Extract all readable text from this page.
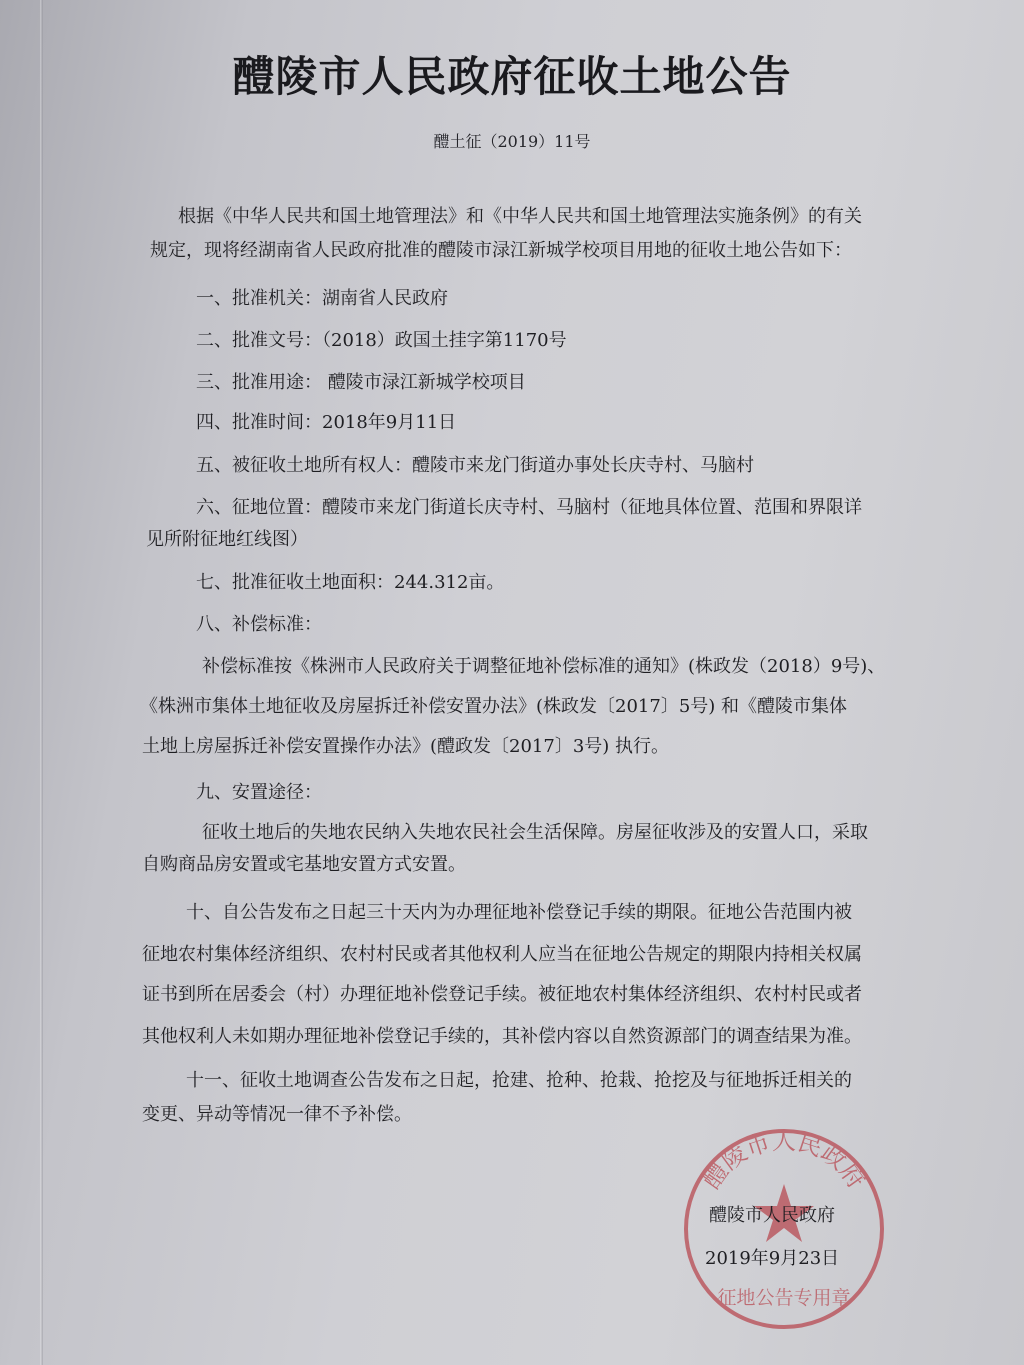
醴陵市人民政府征收土地公告
醴土征（2019）11号
根据《中华人民共和国土地管理法》和《中华人民共和国土地管理法实施条例》的有关
规定，现将经湖南省人民政府批准的醴陵市渌江新城学校项目用地的征收土地公告如下：
一、批准机关：湖南省人民政府
二、批准文号：（2018）政国土挂字第1170号
三、批准用途： 醴陵市渌江新城学校项目
四、批准时间：2018年9月11日
五、被征收土地所有权人：醴陵市来龙门街道办事处长庆寺村、马脑村
六、征地位置：醴陵市来龙门街道长庆寺村、马脑村（征地具体位置、范围和界限详
见所附征地红线图）
七、批准征收土地面积：244.312亩。
八、补偿标准：
补偿标准按《株洲市人民政府关于调整征地补偿标准的通知》(株政发（2018）9号)、
《株洲市集体土地征收及房屋拆迁补偿安置办法》(株政发〔2017〕5号) 和《醴陵市集体
土地上房屋拆迁补偿安置操作办法》(醴政发〔2017〕3号) 执行。
九、安置途径：
征收土地后的失地农民纳入失地农民社会生活保障。房屋征收涉及的安置人口，采取
自购商品房安置或宅基地安置方式安置。
十、自公告发布之日起三十天内为办理征地补偿登记手续的期限。征地公告范围内被
征地农村集体经济组织、农村村民或者其他权利人应当在征地公告规定的期限内持相关权属
证书到所在居委会（村）办理征地补偿登记手续。被征地农村集体经济组织、农村村民或者
其他权利人未如期办理征地补偿登记手续的，其补偿内容以自然资源部门的调查结果为准。
十一、征收土地调查公告发布之日起，抢建、抢种、抢栽、抢挖及与征地拆迁相关的
变更、异动等情况一律不予补偿。
醴陵市人民政府
征地公告专用章
醴陵市人民政府
2019年9月23日
